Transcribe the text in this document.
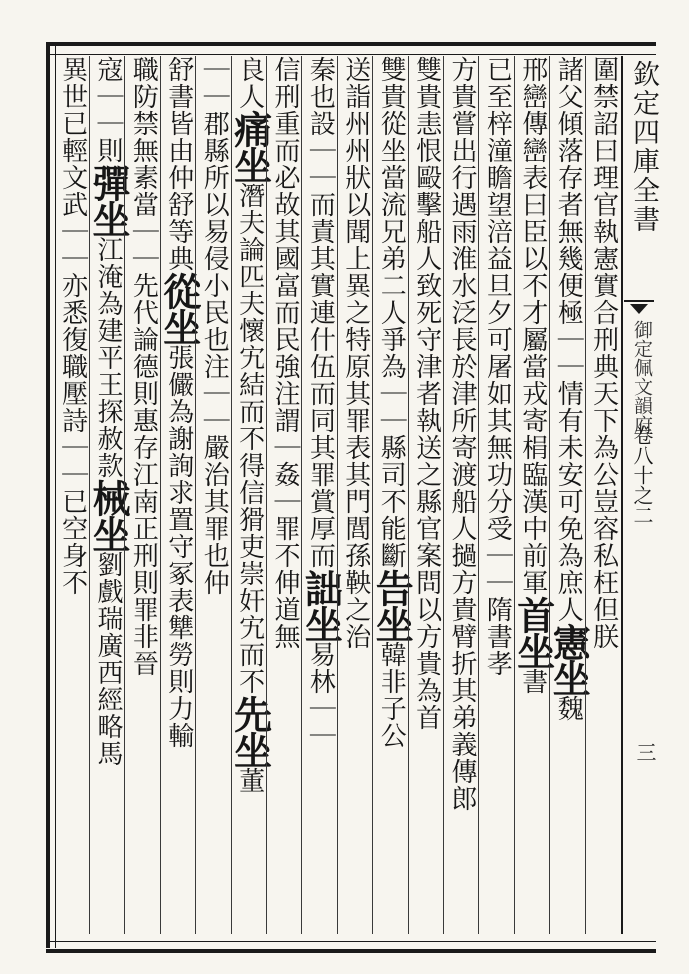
圍禁詔曰理官執憲實合刑典天下為公豈容私枉但朕
諸父傾落存者無幾便極｜｜情有未安可免為庶人憲坐魏
邢巒傳巒表曰臣以不才屬當戎寄梋臨漢中前軍首坐書
已至梓潼瞻望涪益旦夕可屠如其無功分受｜｜隋書孝
方貴嘗出行遇雨淮水泛長於津所寄渡船人撾方貴臂折其弟義傳郎
雙貴恚恨毆擊船人致死守津者執送之縣官案問以方貴為首
雙貴從坐當流兄弟二人爭為｜｜縣司不能斷告坐韓非子公
送詣州州狀以聞上異之特原其罪表其門閭孫鞅之治
秦也設｜｜而責其實連什伍而同其罪賞厚而詘坐易林｜｜
信刑重而必故其國富而民強注謂｜姦｜罪不伸道無
良人痛坐潛夫論匹夫懷宄結而不得信猾吏崇奸宄而不先坐董
｜｜郡縣所以易侵小民也注｜｜嚴治其罪也仲
舒書皆由仲舒等典從坐張儼為謝詢求置守冢表犨勞則力輸
職防禁無素當｜｜先代論德則惠存江南正刑則罪非晉
寇｜｜則彈坐江淹為建平王探赦款械坐劉戲瑞廣西經略馬
異世已輕文武｜｜亦悉復職壓詩｜｜已空身不
欽定四庫全書
御定佩文韻府
卷八十之二
三
